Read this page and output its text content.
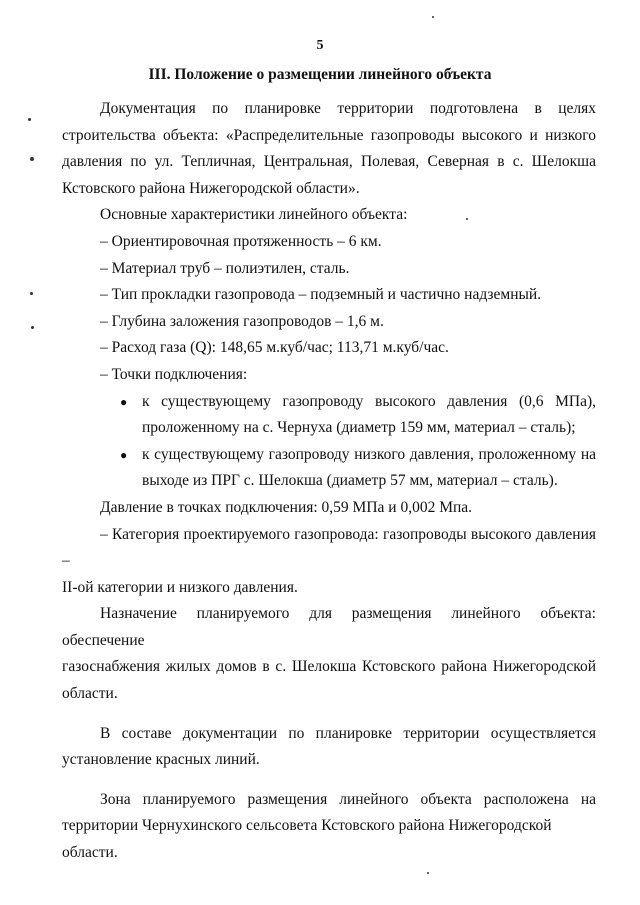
5
III. Положение о размещении линейного объекта

Документация по планировке территории подготовлена в целях

строительства объекта: «Распределительные газопроводы высокого и низкого

давления по ул. Тепличная, Центральная, Полевая, Северная в с. Шелокша

Кстовского района Нижегородской области».

Основные характеристики линейного объекта:

– Ориентировочная протяженность – 6 км.

– Материал труб – полиэтилен, сталь.

– Тип прокладки газопровода – подземный и частично надземный.

– Глубина заложения газопроводов – 1,6 м.

– Расход газа (Q): 148,65 м.куб/час; 113,71 м.куб/час.

– Точки подключения:

● к существующему газопроводу высокого давления (0,6 МПа),
проложенному на с. Чернуха (диаметр 159 мм, материал – сталь);
● к существующему газопроводу низкого давления, проложенному на
выходе из ПРГ с. Шелокша (диаметр 57 мм, материал – сталь).

Давление в точках подключения: 0,59 МПа и 0,002 Мпа.

– Категория проектируемого газопровода: газопроводы высокого давления –

II-ой категории и низкого давления.

Назначение планируемого для размещения линейного объекта: обеспечение

газоснабжения жилых домов в с. Шелокша Кстовского района Нижегородской

области.

В составе документации по планировке территории осуществляется

установление красных линий.

Зона планируемого размещения линейного объекта расположена на

территории Чернухинского сельсовета Кстовского района Нижегородской области.
